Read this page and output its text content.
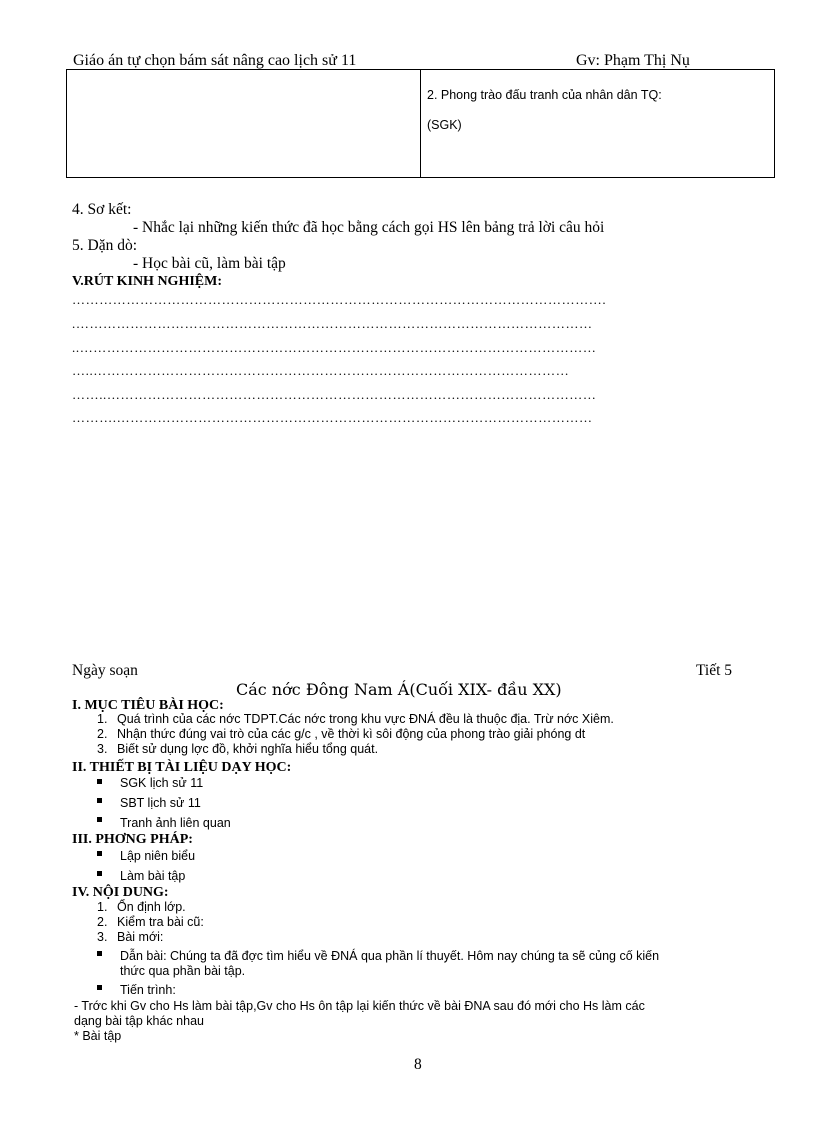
Giáo án tự chọn bám sát nâng cao lịch sử 11	Gv: Phạm Thị Nụ
2. Phong trào đấu tranh của nhân dân TQ:
(SGK)
4. Sơ kết:
- Nhắc lại những kiến thức đã học bằng cách gọi HS lên bảng trả lời câu hỏi
5. Dặn dò:
- Học bài cũ, làm bài tập
V.RÚT KINH NGHIỆM:
……………………………………………………………………………………………………….
.……………………………………………………………………………………………………
..……………………………………………………………………………………………………
…..……………………………………………………………………………………………
……..………………………………………………………………………………………………
……….……………………………………………………………………………………………
Ngày soạn	Tiết 5
Các nớc Đông Nam Á(Cuối XIX- đầu XX)
I. MỤC TIÊU BÀI HỌC:
1. Quá trình của các nớc TDPT.Các nớc trong khu vực ĐNÁ đều là thuộc địa. Trừ nớc Xiêm.
2. Nhận thức đúng vai trò của các g/c , về thời kì sôi động của phong trào giải phóng dt
3. Biết sử dụng lợc đồ, khởi nghĩa hiểu tổng quát.
II. THIẾT BỊ TÀI LIỆU DẠY HỌC:
SGK lịch sử 11
SBT lịch sử 11
Tranh ảnh liên quan
III. PHƠNG PHÁP:
Lập niên biểu
Làm bài tập
IV. NỘI DUNG:
1. Ổn định lớp.
2. Kiểm tra bài cũ:
3. Bài mới:
Dẫn bài: Chúng ta đã đợc tìm hiểu về ĐNÁ qua phần lí thuyết. Hôm nay chúng ta sẽ củng cố kiến
thức qua phần bài tập.
Tiến trình:
- Trớc khi Gv cho Hs làm bài tập,Gv cho Hs ôn tập lại kiến thức về bài ĐNA sau đó mới cho Hs làm các
dạng bài tập khác nhau
* Bài tập
8
